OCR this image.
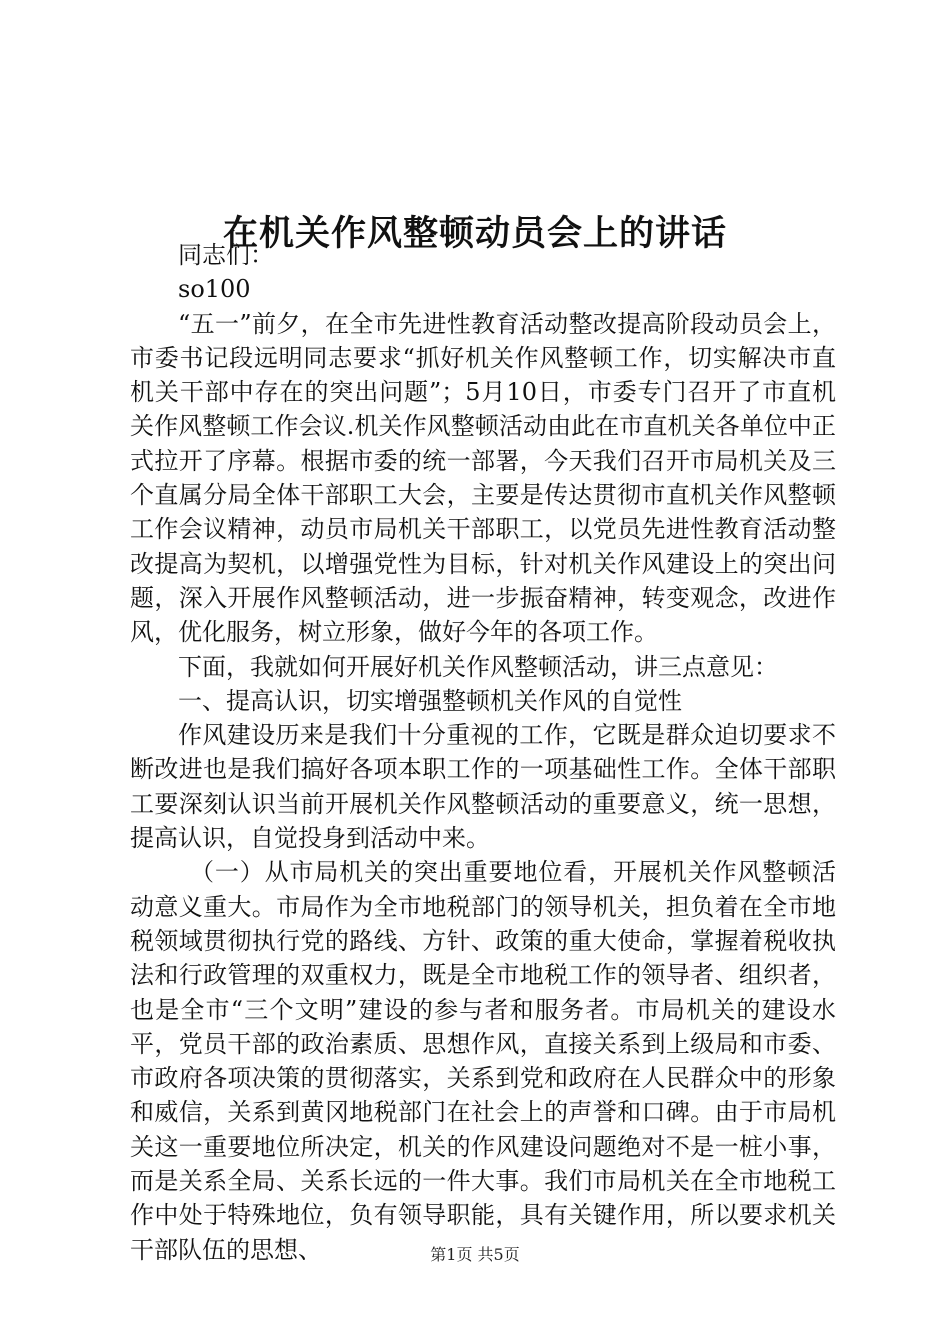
在机关作风整顿动员会上的讲话

同志们：

so100

“五一”前夕，在全市先进性教育活动整改提高阶段动员会上，市委书记段远明同志要求“抓好机关作风整顿工作，切实解决市直机关干部中存在的突出问题”；5月10日，市委专门召开了市直机关作风整顿工作会议.机关作风整顿活动由此在市直机关各单位中正式拉开了序幕。根据市委的统一部署，今天我们召开市局机关及三个直属分局全体干部职工大会，主要是传达贯彻市直机关作风整顿工作会议精神，动员市局机关干部职工，以党员先进性教育活动整改提高为契机，以增强党性为目标，针对机关作风建设上的突出问题，深入开展作风整顿活动，进一步振奋精神，转变观念，改进作风，优化服务，树立形象，做好今年的各项工作。

下面，我就如何开展好机关作风整顿活动，讲三点意见：

一、提高认识，切实增强整顿机关作风的自觉性

作风建设历来是我们十分重视的工作，它既是群众迫切要求不断改进也是我们搞好各项本职工作的一项基础性工作。全体干部职工要深刻认识当前开展机关作风整顿活动的重要意义，统一思想，提高认识，自觉投身到活动中来。

（一）从市局机关的突出重要地位看，开展机关作风整顿活动意义重大。市局作为全市地税部门的领导机关，担负着在全市地税领域贯彻执行党的路线、方针、政策的重大使命，掌握着税收执法和行政管理的双重权力，既是全市地税工作的领导者、组织者，也是全市“三个文明”建设的参与者和服务者。市局机关的建设水平，党员干部的政治素质、思想作风，直接关系到上级局和市委、市政府各项决策的贯彻落实，关系到党和政府在人民群众中的形象和威信，关系到黄冈地税部门在社会上的声誉和口碑。由于市局机关这一重要地位所决定，机关的作风建设问题绝对不是一桩小事，而是关系全局、关系长远的一件大事。我们市局机关在全市地税工作中处于特殊地位，负有领导职能，具有关键作用，所以要求机关干部队伍的思想、	第1页 共5页
